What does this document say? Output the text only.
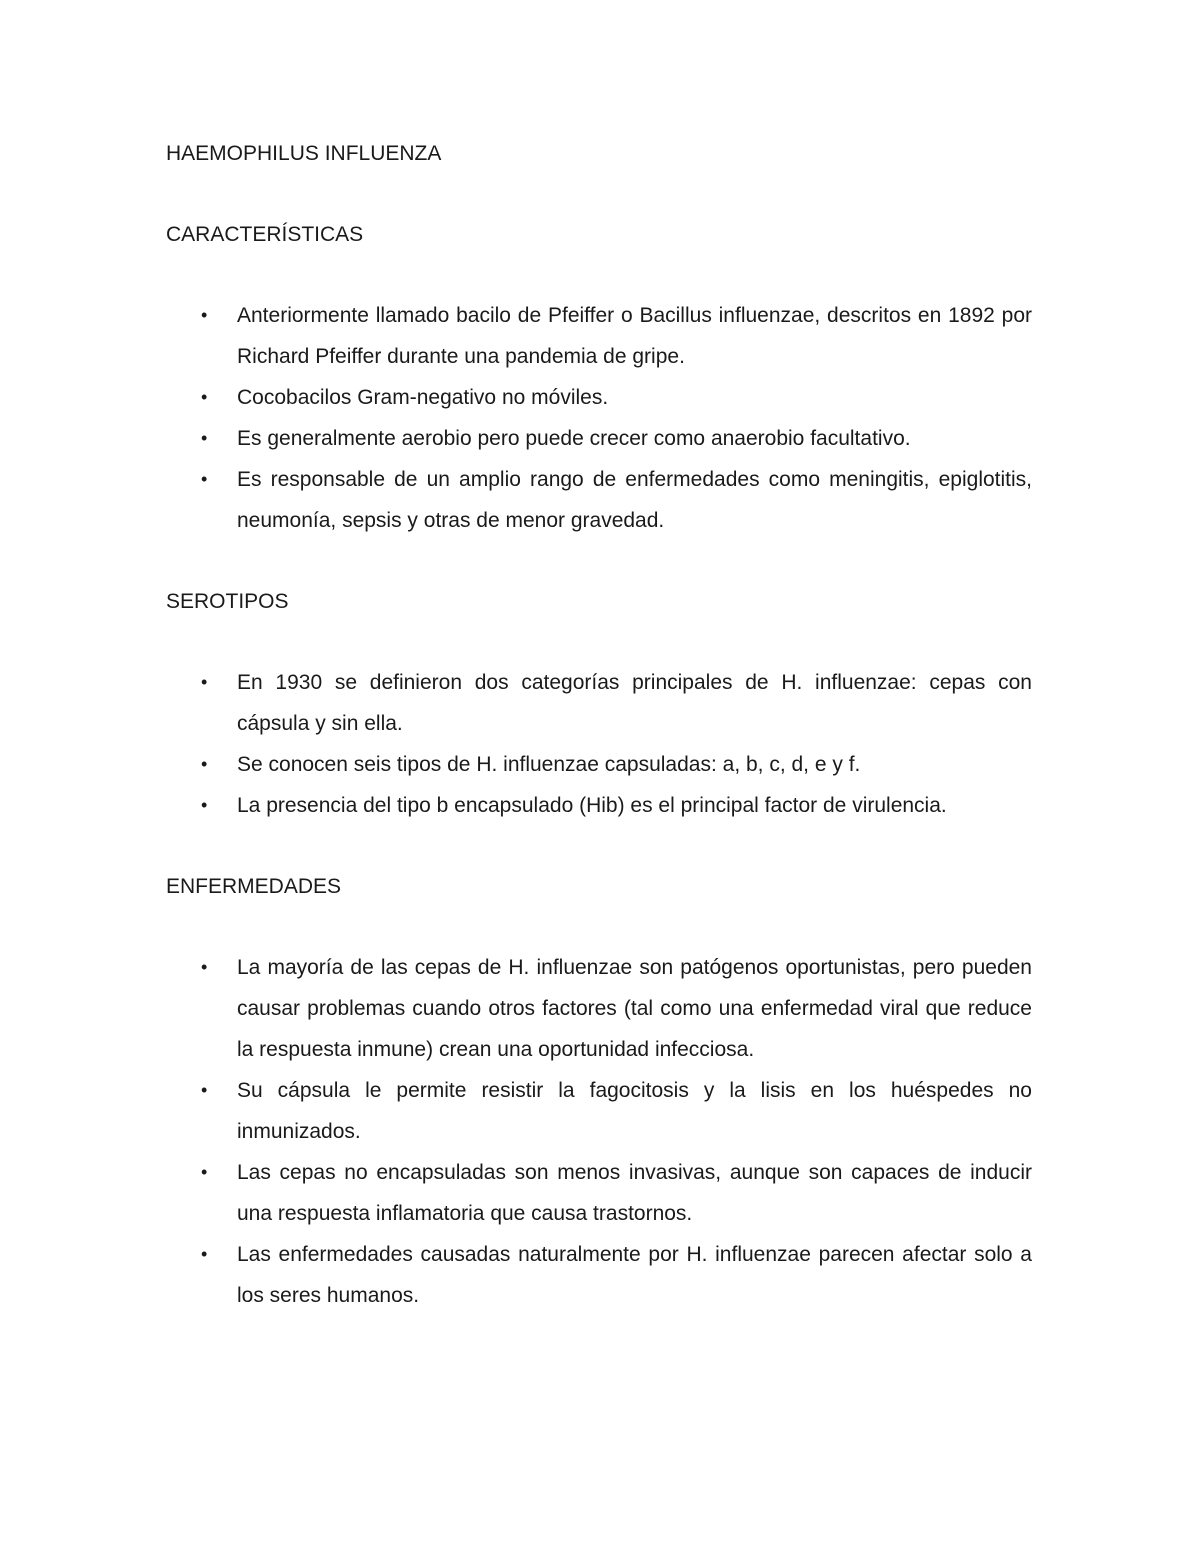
HAEMOPHILUS INFLUENZA
CARACTERÍSTICAS
• Anteriormente llamado bacilo de Pfeiffer o Bacillus influenzae, descritos en 1892 por Richard Pfeiffer durante una pandemia de gripe.
• Cocobacilos Gram-negativo no móviles.
• Es generalmente aerobio pero puede crecer como anaerobio facultativo.
• Es responsable de un amplio rango de enfermedades como meningitis, epiglotitis, neumonía, sepsis y otras de menor gravedad.
SEROTIPOS
• En 1930 se definieron dos categorías principales de H. influenzae: cepas con cápsula y sin ella.
• Se conocen seis tipos de H. influenzae capsuladas: a, b, c, d, e y f.
• La presencia del tipo b encapsulado (Hib) es el principal factor de virulencia.
ENFERMEDADES
• La mayoría de las cepas de H. influenzae son patógenos oportunistas, pero pueden causar problemas cuando otros factores (tal como una enfermedad viral que reduce la respuesta inmune) crean una oportunidad infecciosa.
• Su cápsula le permite resistir la fagocitosis y la lisis en los huéspedes no inmunizados.
• Las cepas no encapsuladas son menos invasivas, aunque son capaces de inducir una respuesta inflamatoria que causa trastornos.
• Las enfermedades causadas naturalmente por H. influenzae parecen afectar solo a los seres humanos.
